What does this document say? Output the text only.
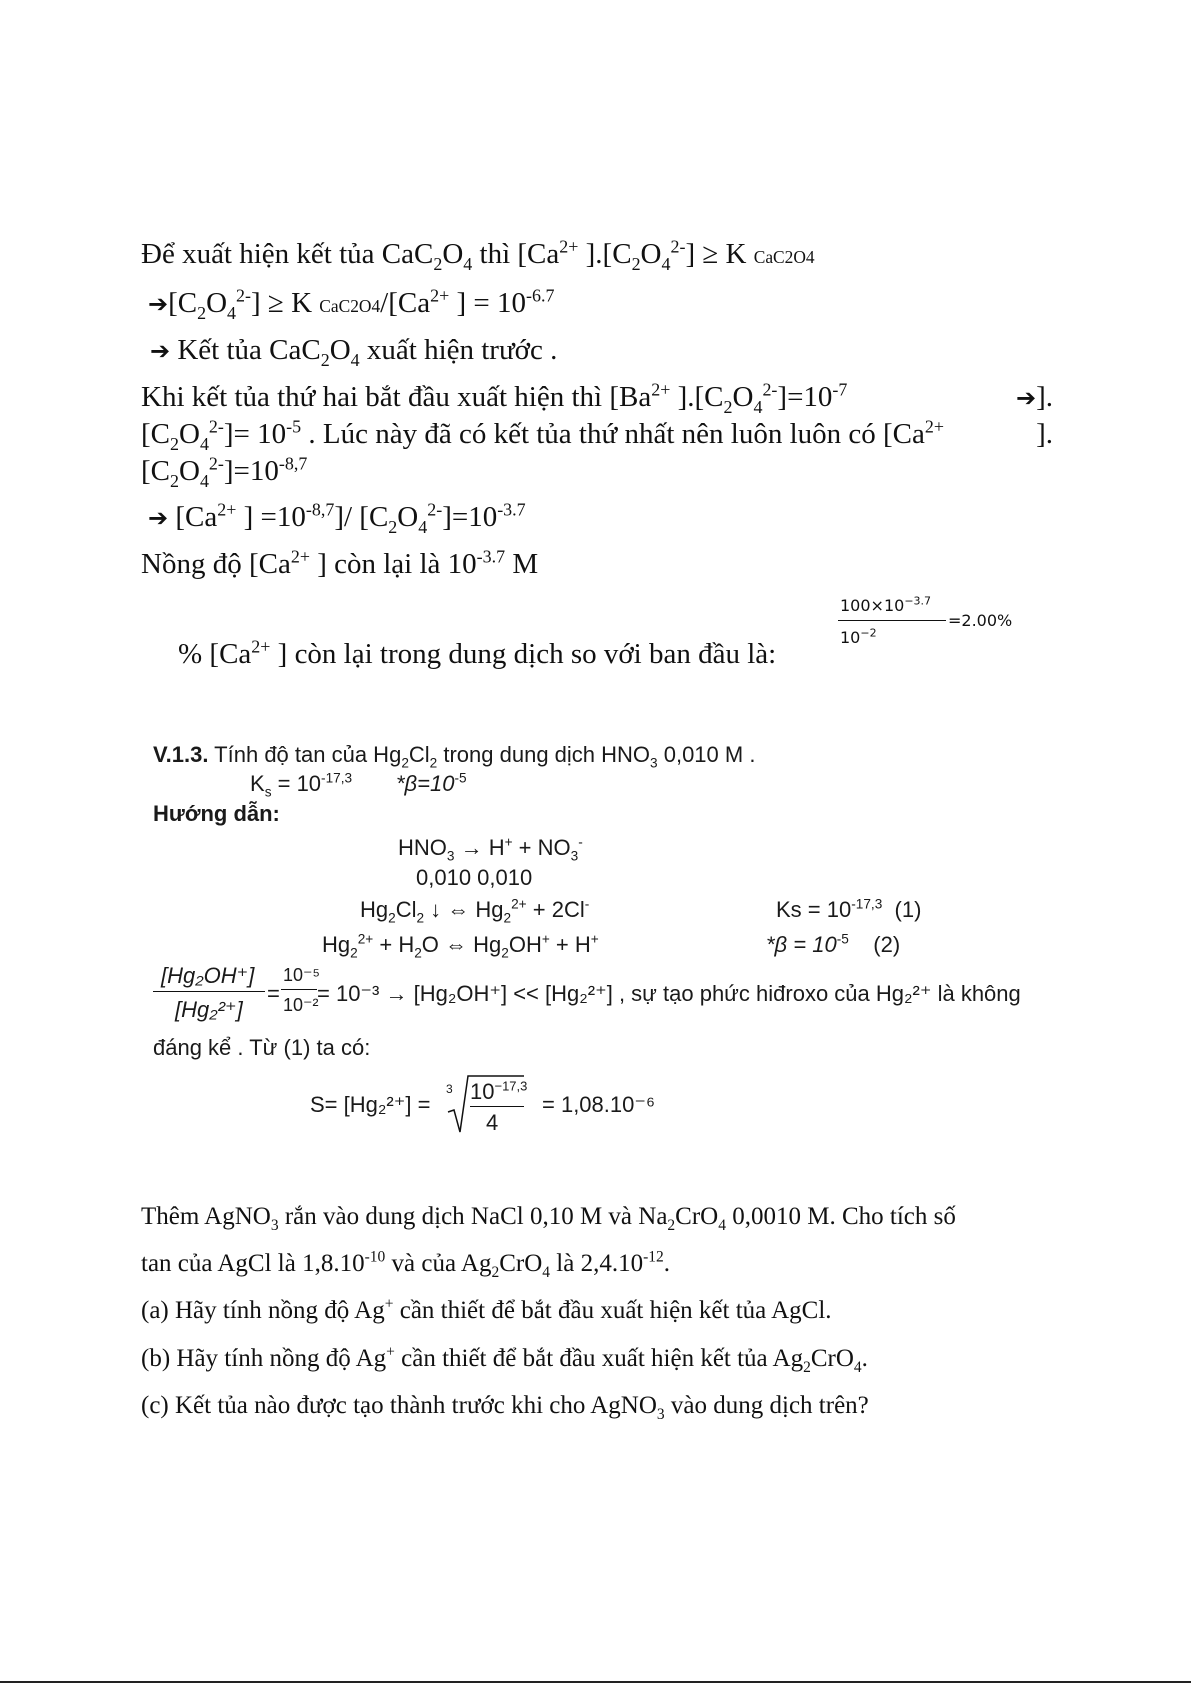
Để xuất hiện kết tủa $CaC_2O_4$ thì [$Ca^{2+}$ ]$.[C_2O_4^{2-}] \ge K$ CaC2O4
$➔[C_2O_4^{2-}] \ge K$ $CaC2O4/[Ca^{2+}$ ] = $10^{-6.7}$
➔ Kết tủa $CaC_2O_4$ xuất hiện trước .
Khi kết tủa thứ hai bắt đầu xuất hiện thì [$Ba^{2+}$ ]$.[C_2O_4^{2-}]=10^{-7}$	➔].
$[C_2O_4^{2-}]= 10^{-5}$ . Lúc này đã có kết tủa thứ nhất nên luôn luôn có [$Ca^{2+}$	].
$[C_2O_4^{2-}]=10^{-8,7}$
➔ [$Ca^{2+}$ ] $=10^{-8,7}]/$ $[C_2O_4^{2-}]=10^{-3.7}$
Nồng độ [$Ca^{2+}$ ] còn lại là $10^{-3.7}$ M
$100\times 10^{-3.7}$
=2.00%
$10^{-2}$
% [$Ca^{2+}$ ] còn lại trong dung dịch so với ban đầu là:
V.1.3. Tính độ tan của $Hg_2Cl_2$ trong dung dịch $HNO_3$ 0,010 M .
$K_s = 10^{-17,3}$ $*\beta=10^{-5}$
Hướng dẫn:
$HNO_3 \to H^+ + NO_3^-$
0,010 0,010
$Hg_2Cl_2$ ↓ ⇔ $Hg_2^{2+} + 2Cl^-$	$Ks = 10^{-17,3}$ (1)
$Hg_2^{2+} + H_2O$ ⇔ $Hg_2OH^+ + H^+$	$*\beta = 10^{-5}$ (2)
[Hg₂OH⁺]
[Hg₂²⁺]
=
10⁻⁵
10⁻²
= 10⁻³ → [Hg₂OH⁺] << [Hg₂²⁺] , sự tạo phức hiđroxo của Hg₂²⁺ là không
đáng kể . Từ (1) ta có:
S= [Hg₂²⁺] =
3 $10^{-17,3}$
4
= 1,08.10⁻⁶
Thêm AgNO$_3$ rắn vào dung dịch NaCl 0,10 M và $Na_2CrO_4$ 0,0010 M. Cho tích số
tan của AgCl là $1,8.10^{-10}$ và của $Ag_2CrO_4$ là $2,4.10^{-12}$.
(a) Hãy tính nồng độ Ag+ cần thiết để bắt đầu xuất hiện kết tủa AgCl.
(b) Hãy tính nồng độ Ag+ cần thiết để bắt đầu xuất hiện kết tủa $Ag_2CrO_4$.
(c) Kết tủa nào được tạo thành trước khi cho AgNO$_3$ vào dung dịch trên?
